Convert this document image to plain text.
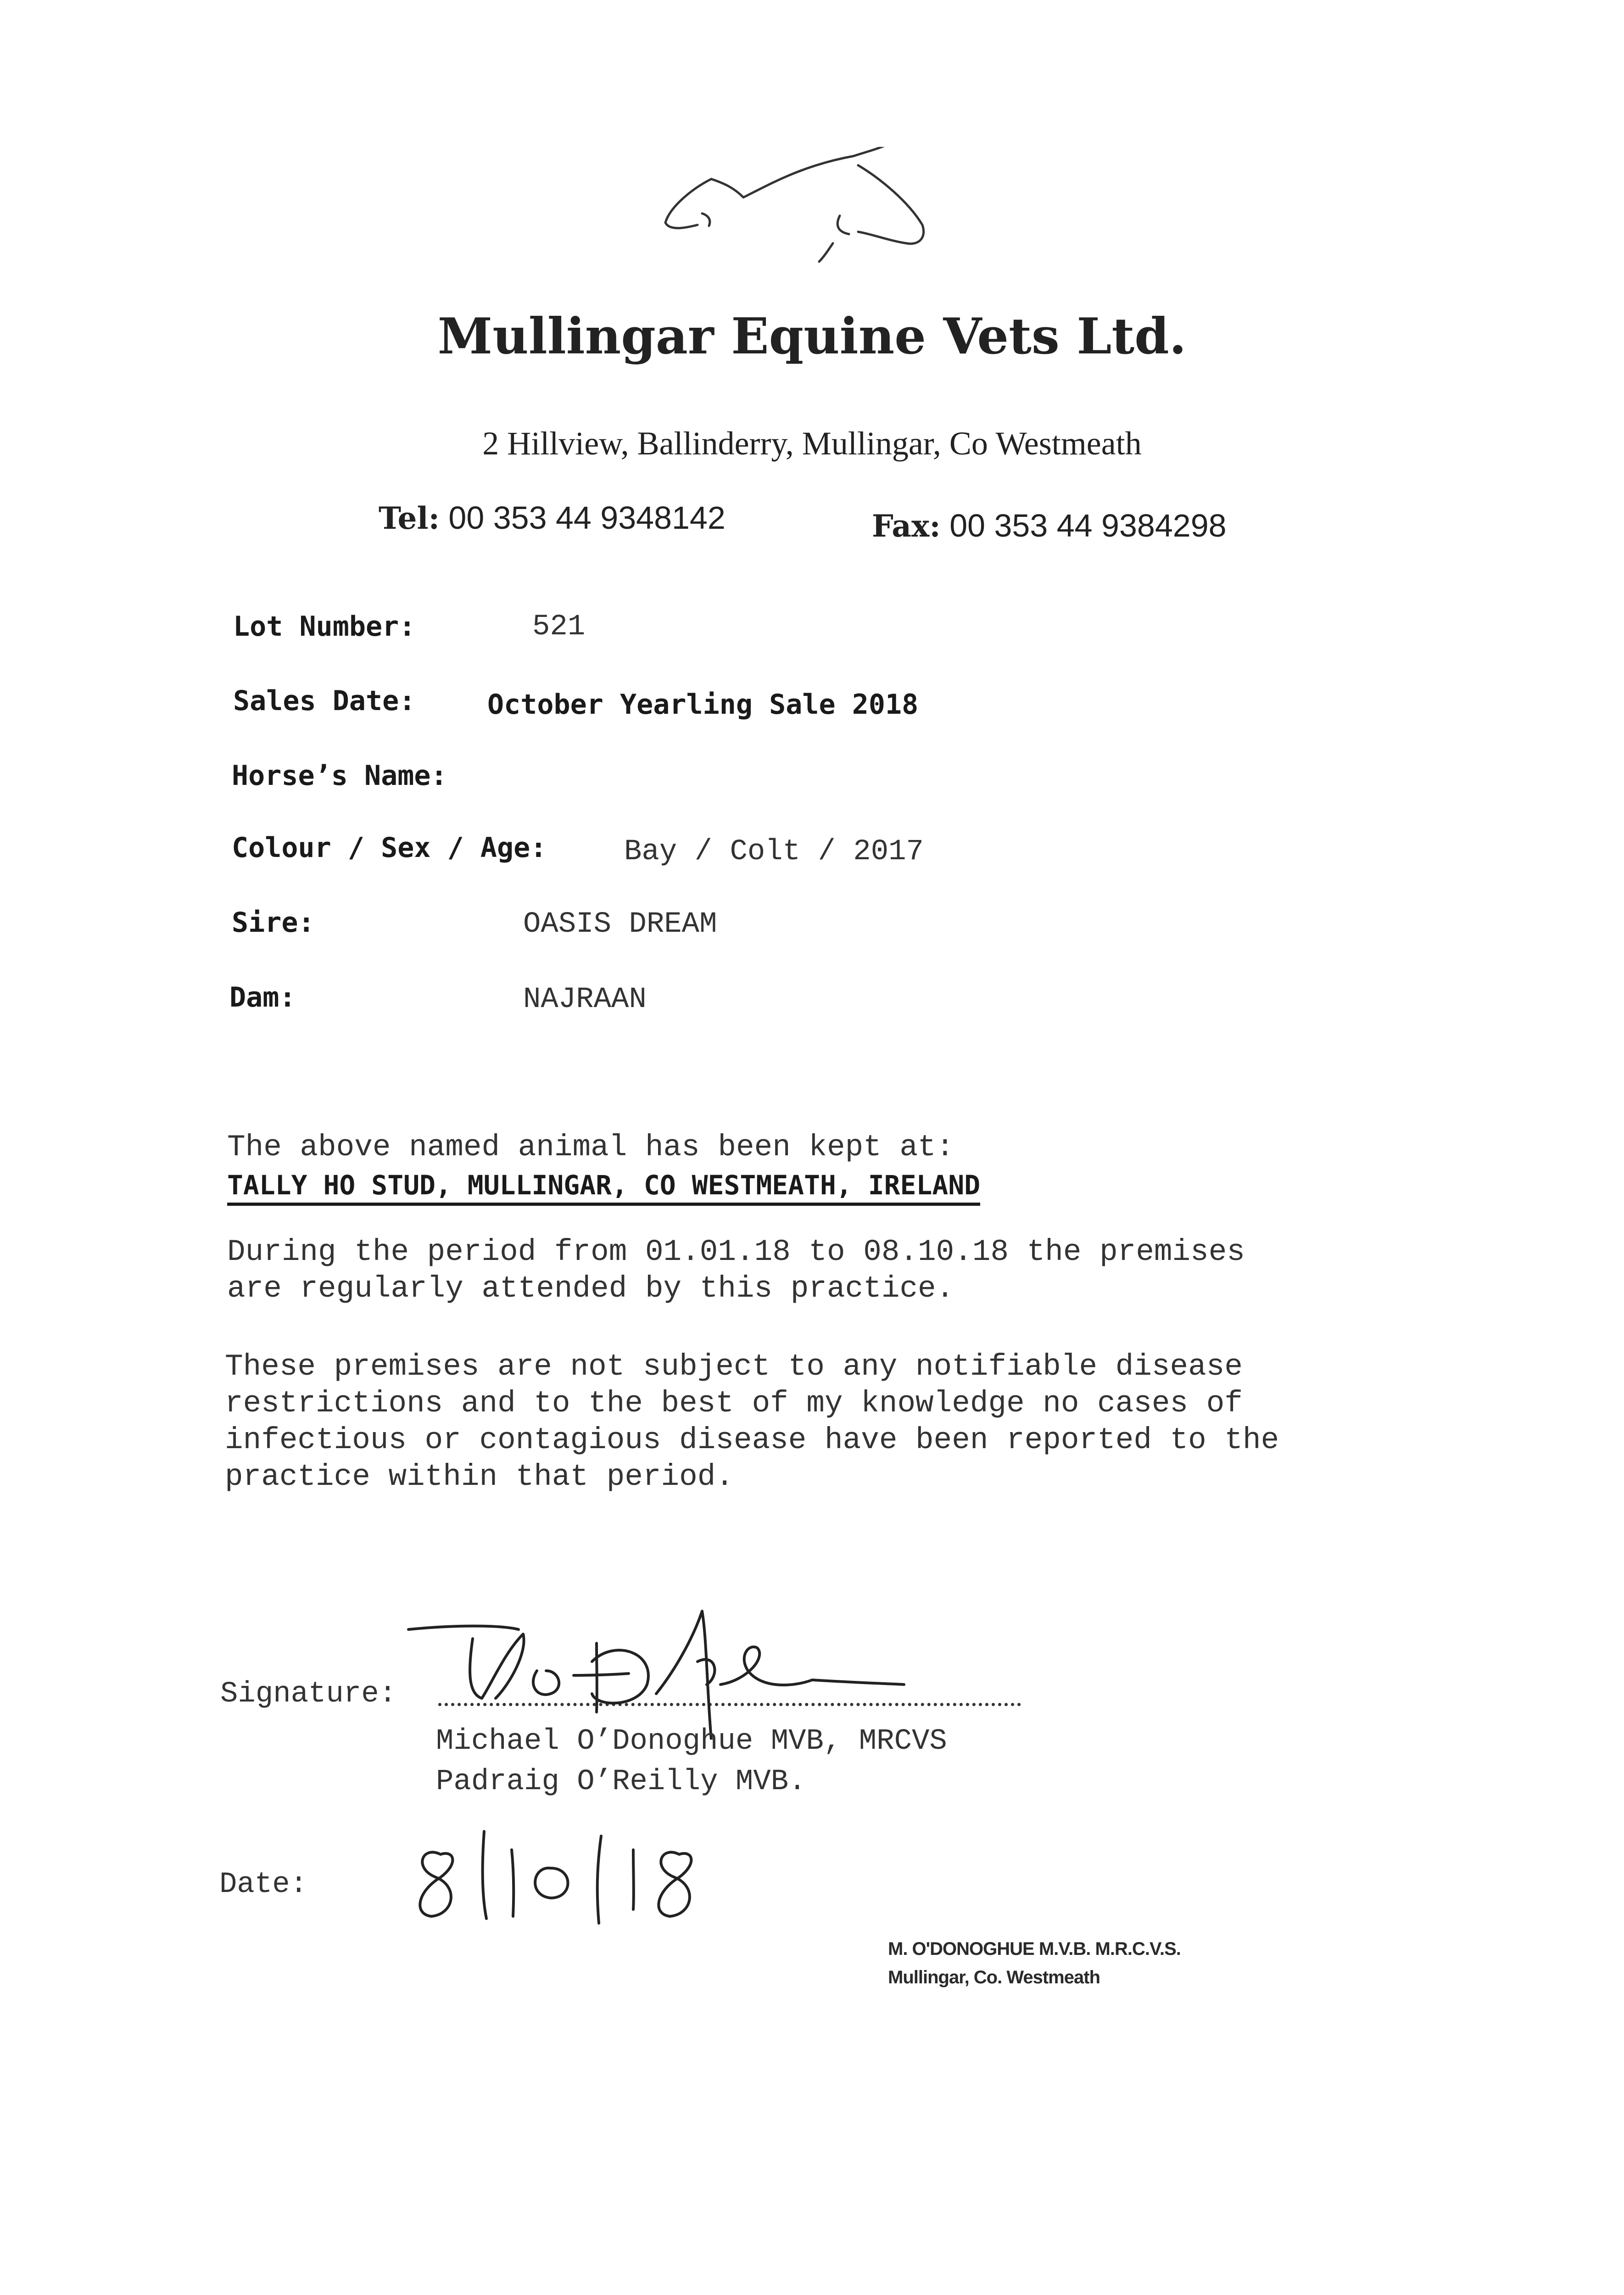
Mullingar Equine Vets Ltd.
2 Hillview, Ballinderry, Mullingar, Co Westmeath
Tel: 00 353 44 9348142	Fax: 00 353 44 9384298
Lot Number:	521
Sales Date:	October Yearling Sale 2018
Horse’s Name:
Colour / Sex / Age:	Bay / Colt / 2017
Sire:	OASIS DREAM
Dam:	NAJRAAN
The above named animal has been kept at:
TALLY HO STUD, MULLINGAR, CO WESTMEATH, IRELAND
During the period from 01.01.18 to 08.10.18 the premises
are regularly attended by this practice.
These premises are not subject to any notifiable disease
restrictions and to the best of my knowledge no cases of
infectious or contagious disease have been reported to the
practice within that period.
Signature:
Michael O’Donoghue MVB, MRCVS
Padraig O’Reilly MVB.
Date:
M. O'DONOGHUE M.V.B. M.R.C.V.S.
Mullingar, Co. Westmeath
